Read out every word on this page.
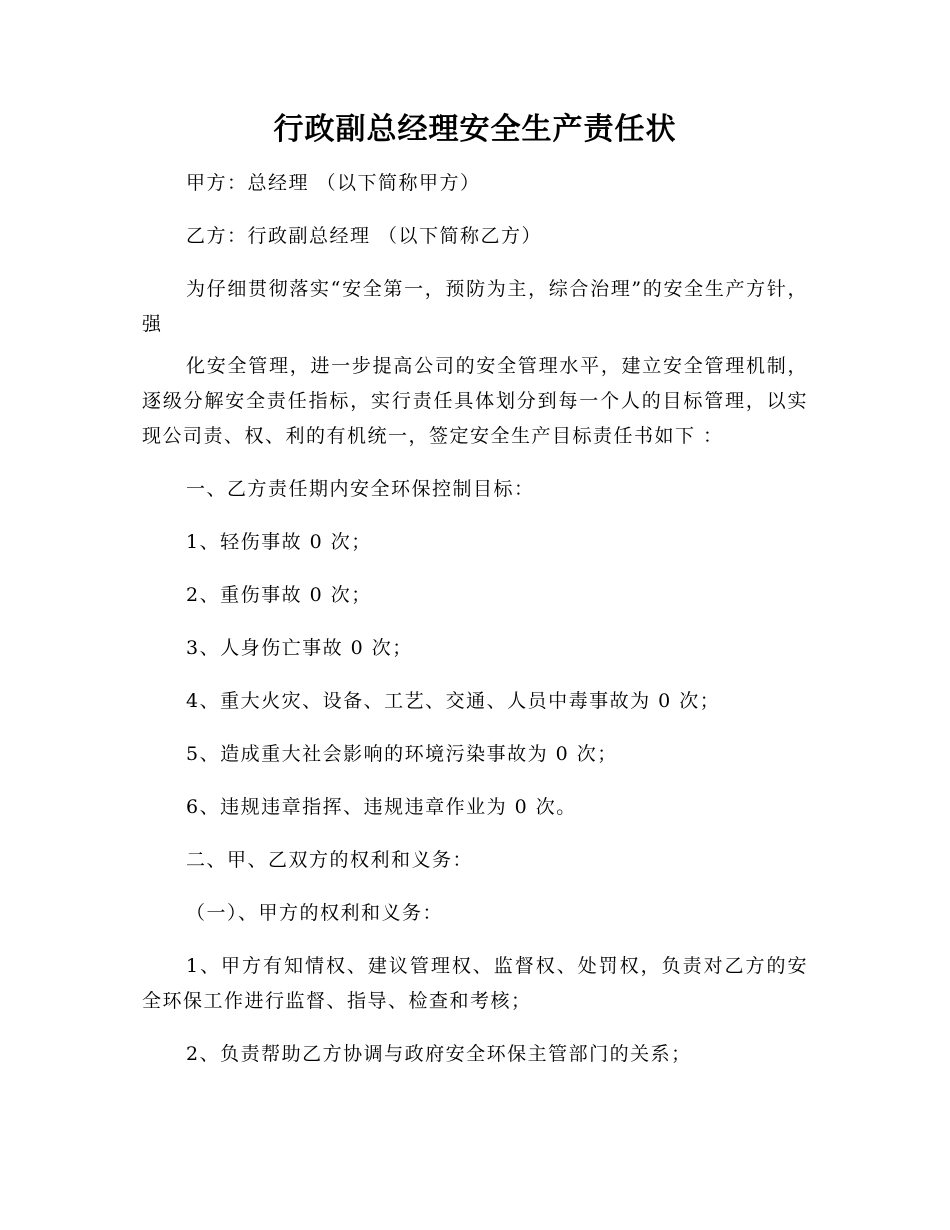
行政副总经理安全生产责任状

甲方：总经理 （以下简称甲方）

乙方：行政副总经理 （以下简称乙方）

为仔细贯彻落实“安全第一，预防为主，综合治理”的安全生产方针，强

化安全管理，进一步提高公司的安全管理水平，建立安全管理机制，逐级分解安全责任指标，实行责任具体划分到每一个人的目标管理，以实现公司责、权、利的有机统一，签定安全生产目标责任书如下 ：

一、乙方责任期内安全环保控制目标：

1、轻伤事故 0 次；

2、重伤事故 0 次；

3、人身伤亡事故 0 次；

4、重大火灾、设备、工艺、交通、人员中毒事故为 0 次；

5、造成重大社会影响的环境污染事故为 0 次；

6、违规违章指挥、违规违章作业为 0 次。

二、甲、乙双方的权利和义务：

（一）、甲方的权利和义务：

1、甲方有知情权、建议管理权、监督权、处罚权，负责对乙方的安全环保工作进行监督、指导、检查和考核；

2、负责帮助乙方协调与政府安全环保主管部门的关系；
